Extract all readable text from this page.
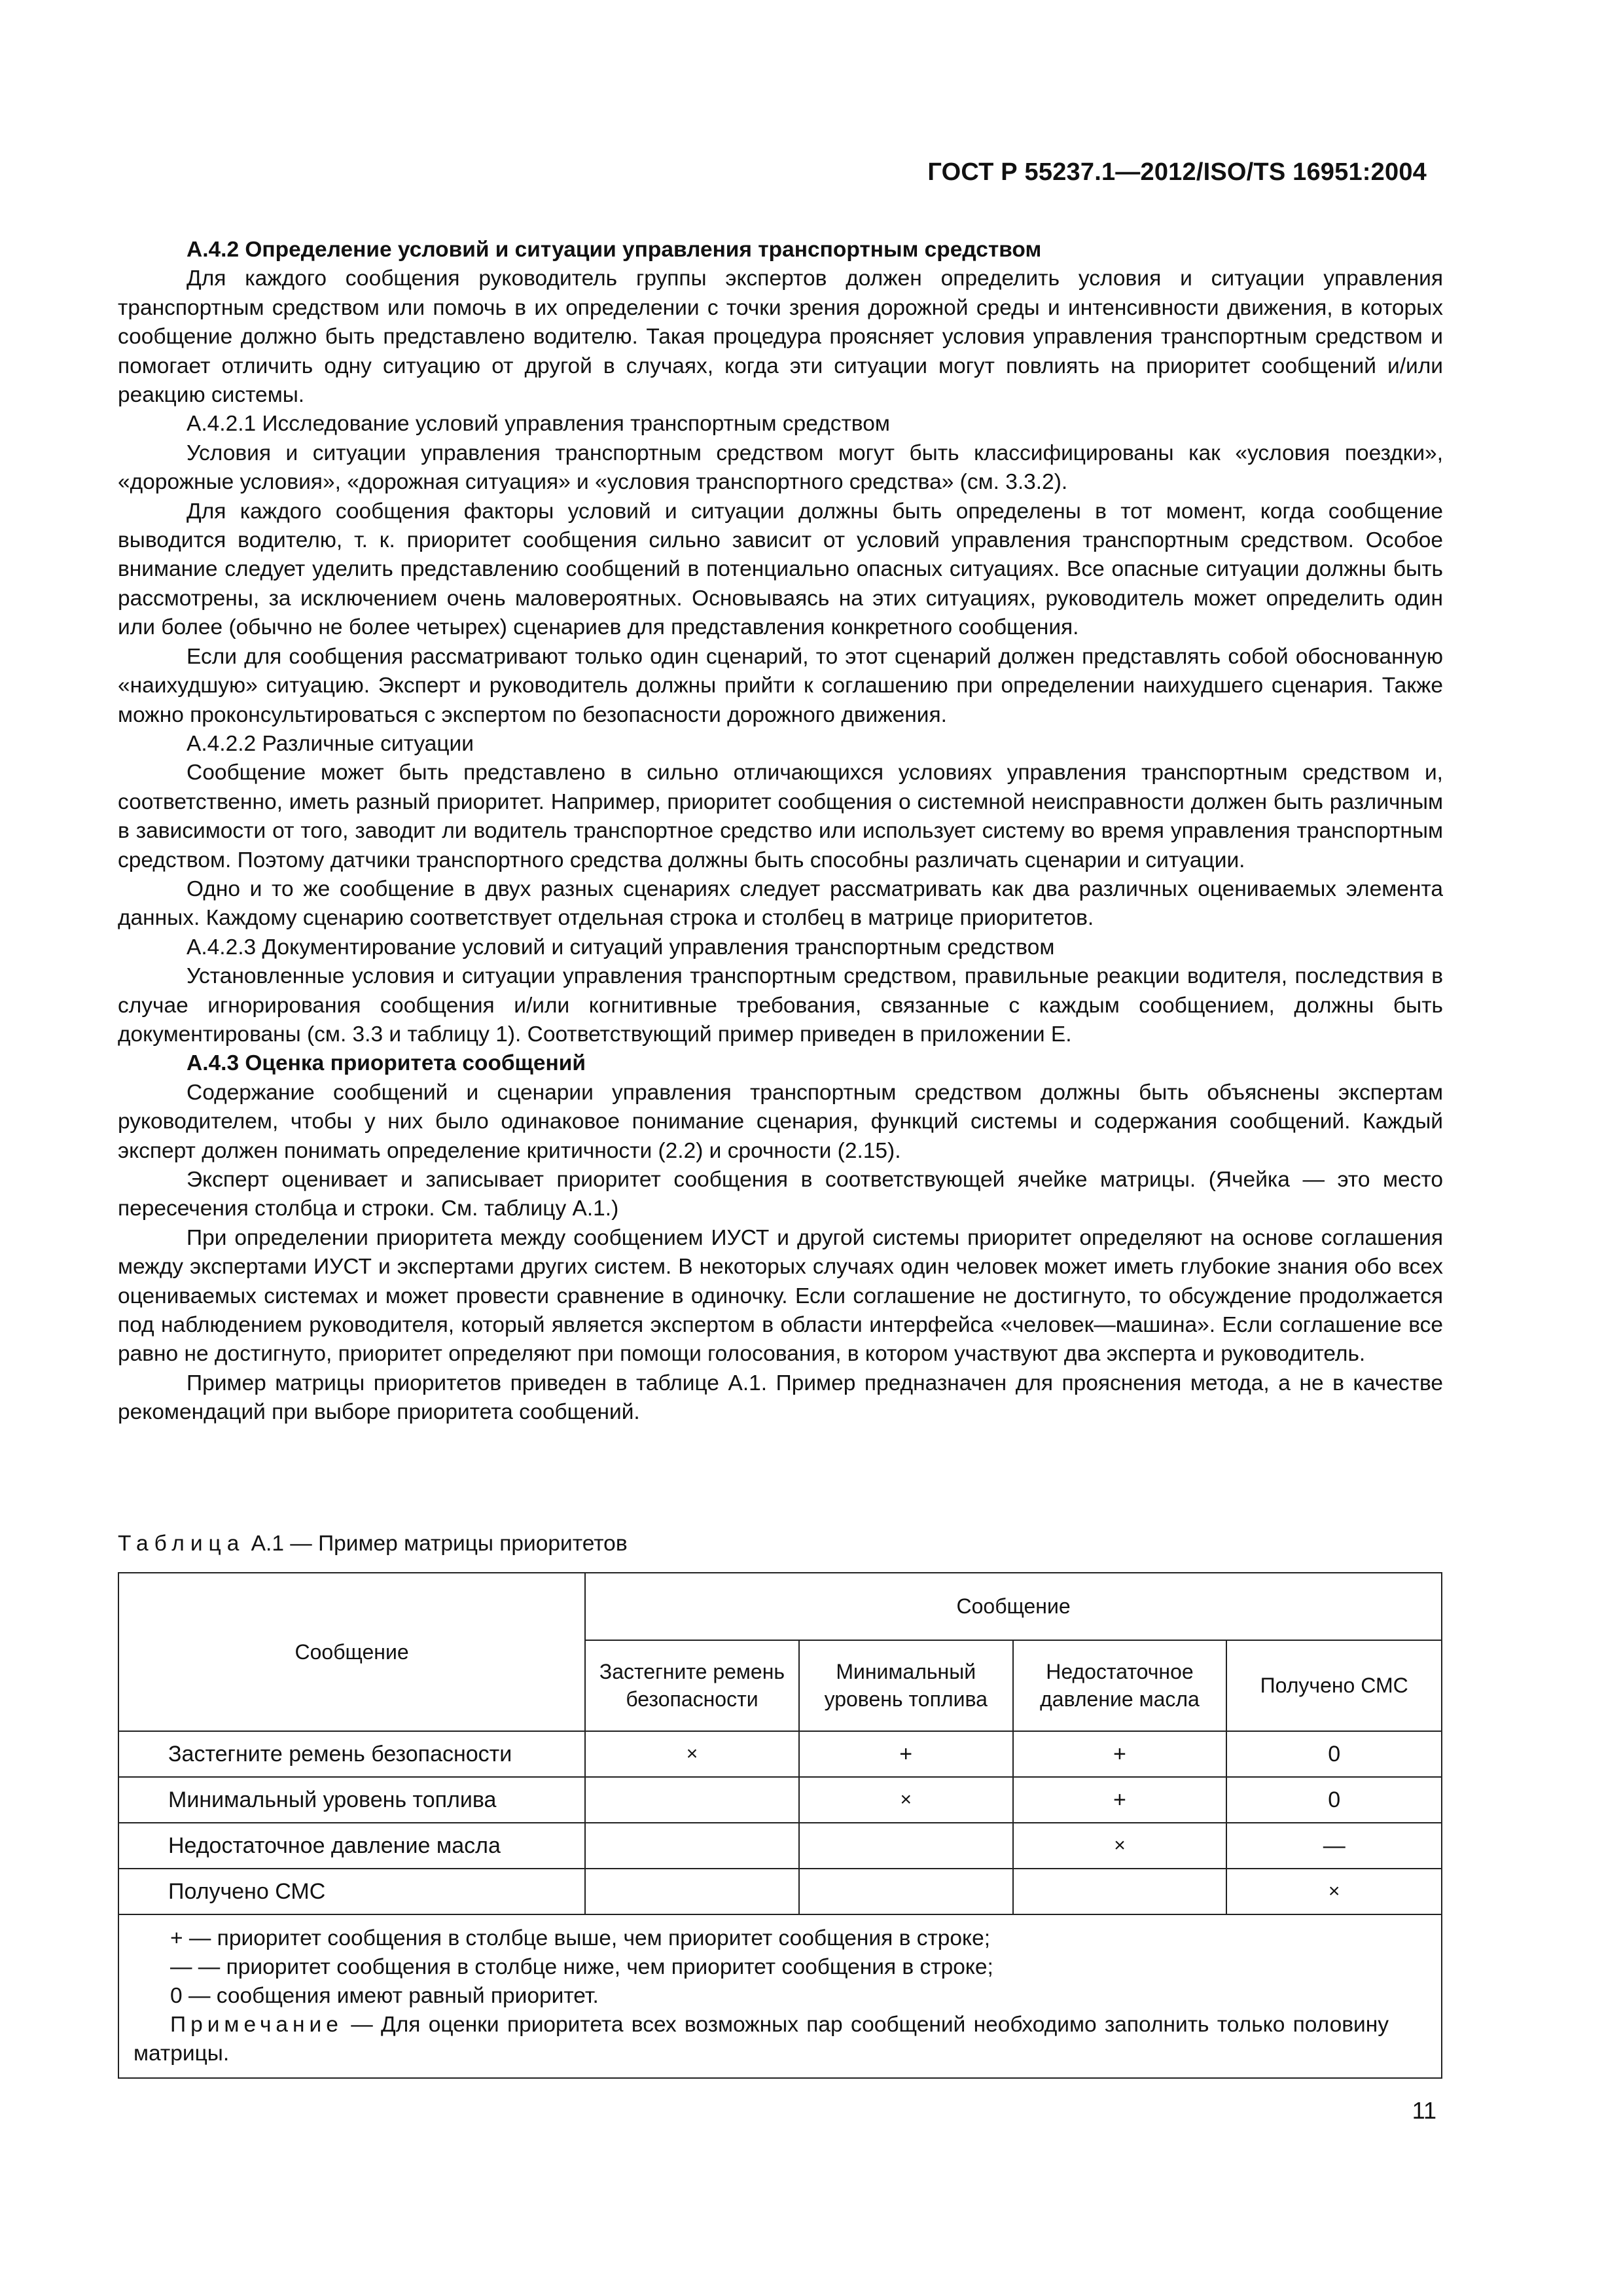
ГОСТ Р 55237.1—2012/ISO/TS 16951:2004

А.4.2 Определение условий и ситуации управления транспортным средством

Для каждого сообщения руководитель группы экспертов должен определить условия и ситуации управления транспортным средством или помочь в их определении с точки зрения дорожной среды и интенсивности движения, в которых сообщение должно быть представлено водителю. Такая процедура проясняет условия управления транспортным средством и помогает отличить одну ситуацию от другой в случаях, когда эти ситуации могут повлиять на приоритет сообщений и/или реакцию системы.

А.4.2.1 Исследование условий управления транспортным средством

Условия и ситуации управления транспортным средством могут быть классифицированы как «условия поездки», «дорожные условия», «дорожная ситуация» и «условия транспортного средства» (см. 3.3.2).

Для каждого сообщения факторы условий и ситуации должны быть определены в тот момент, когда сообщение выводится водителю, т. к. приоритет сообщения сильно зависит от условий управления транспортным средством. Особое внимание следует уделить представлению сообщений в потенциально опасных ситуациях. Все опасные ситуации должны быть рассмотрены, за исключением очень маловероятных. Основываясь на этих ситуациях, руководитель может определить один или более (обычно не более четырех) сценариев для представления конкретного сообщения.

Если для сообщения рассматривают только один сценарий, то этот сценарий должен представлять собой обоснованную «наихудшую» ситуацию. Эксперт и руководитель должны прийти к соглашению при определении наихудшего сценария. Также можно проконсультироваться с экспертом по безопасности дорожного движения.

А.4.2.2 Различные ситуации

Сообщение может быть представлено в сильно отличающихся условиях управления транспортным средством и, соответственно, иметь разный приоритет. Например, приоритет сообщения о системной неисправности должен быть различным в зависимости от того, заводит ли водитель транспортное средство или использует систему во время управления транспортным средством. Поэтому датчики транспортного средства должны быть способны различать сценарии и ситуации.

Одно и то же сообщение в двух разных сценариях следует рассматривать как два различных оцениваемых элемента данных. Каждому сценарию соответствует отдельная строка и столбец в матрице приоритетов.

А.4.2.3 Документирование условий и ситуаций управления транспортным средством

Установленные условия и ситуации управления транспортным средством, правильные реакции водителя, последствия в случае игнорирования сообщения и/или когнитивные требования, связанные с каждым сообщением, должны быть документированы (см. 3.3 и таблицу 1). Соответствующий пример приведен в приложении Е.

А.4.3 Оценка приоритета сообщений

Содержание сообщений и сценарии управления транспортным средством должны быть объяснены экспертам руководителем, чтобы у них было одинаковое понимание сценария, функций системы и содержания сообщений. Каждый эксперт должен понимать определение критичности (2.2) и срочности (2.15).

Эксперт оценивает и записывает приоритет сообщения в соответствующей ячейке матрицы. (Ячейка — это место пересечения столбца и строки. См. таблицу А.1.)

При определении приоритета между сообщением ИУСТ и другой системы приоритет определяют на основе соглашения между экспертами ИУСТ и экспертами других систем. В некоторых случаях один человек может иметь глубокие знания обо всех оцениваемых системах и может провести сравнение в одиночку. Если соглашение не достигнуто, то обсуждение продолжается под наблюдением руководителя, который является экспертом в области интерфейса «человек—машина». Если соглашение все равно не достигнуто, приоритет определяют при помощи голосования, в котором участвуют два эксперта и руководитель.

Пример матрицы приоритетов приведен в таблице А.1. Пример предназначен для прояснения метода, а не в качестве рекомендаций при выборе приоритета сообщений.

Таблица А.1 — Пример матрицы приоритетов
Сообщение	Сообщение			
	Застегните ремень безопасности	Минимальный уровень топлива	Недостаточное давление масла	Получено СМС
Застегните ремень безопасности	×	+	+	0
Минимальный уровень топлива		×	+	0
Недостаточное давление масла			×	—
Получено СМС				×

+ — приоритет сообщения в столбце выше, чем приоритет сообщения в строке;
— — приоритет сообщения в столбце ниже, чем приоритет сообщения в строке;
0 — сообщения имеют равный приоритет.
Примечание — Для оценки приоритета всех возможных пар сообщений необходимо заполнить только половину матрицы.				
11
